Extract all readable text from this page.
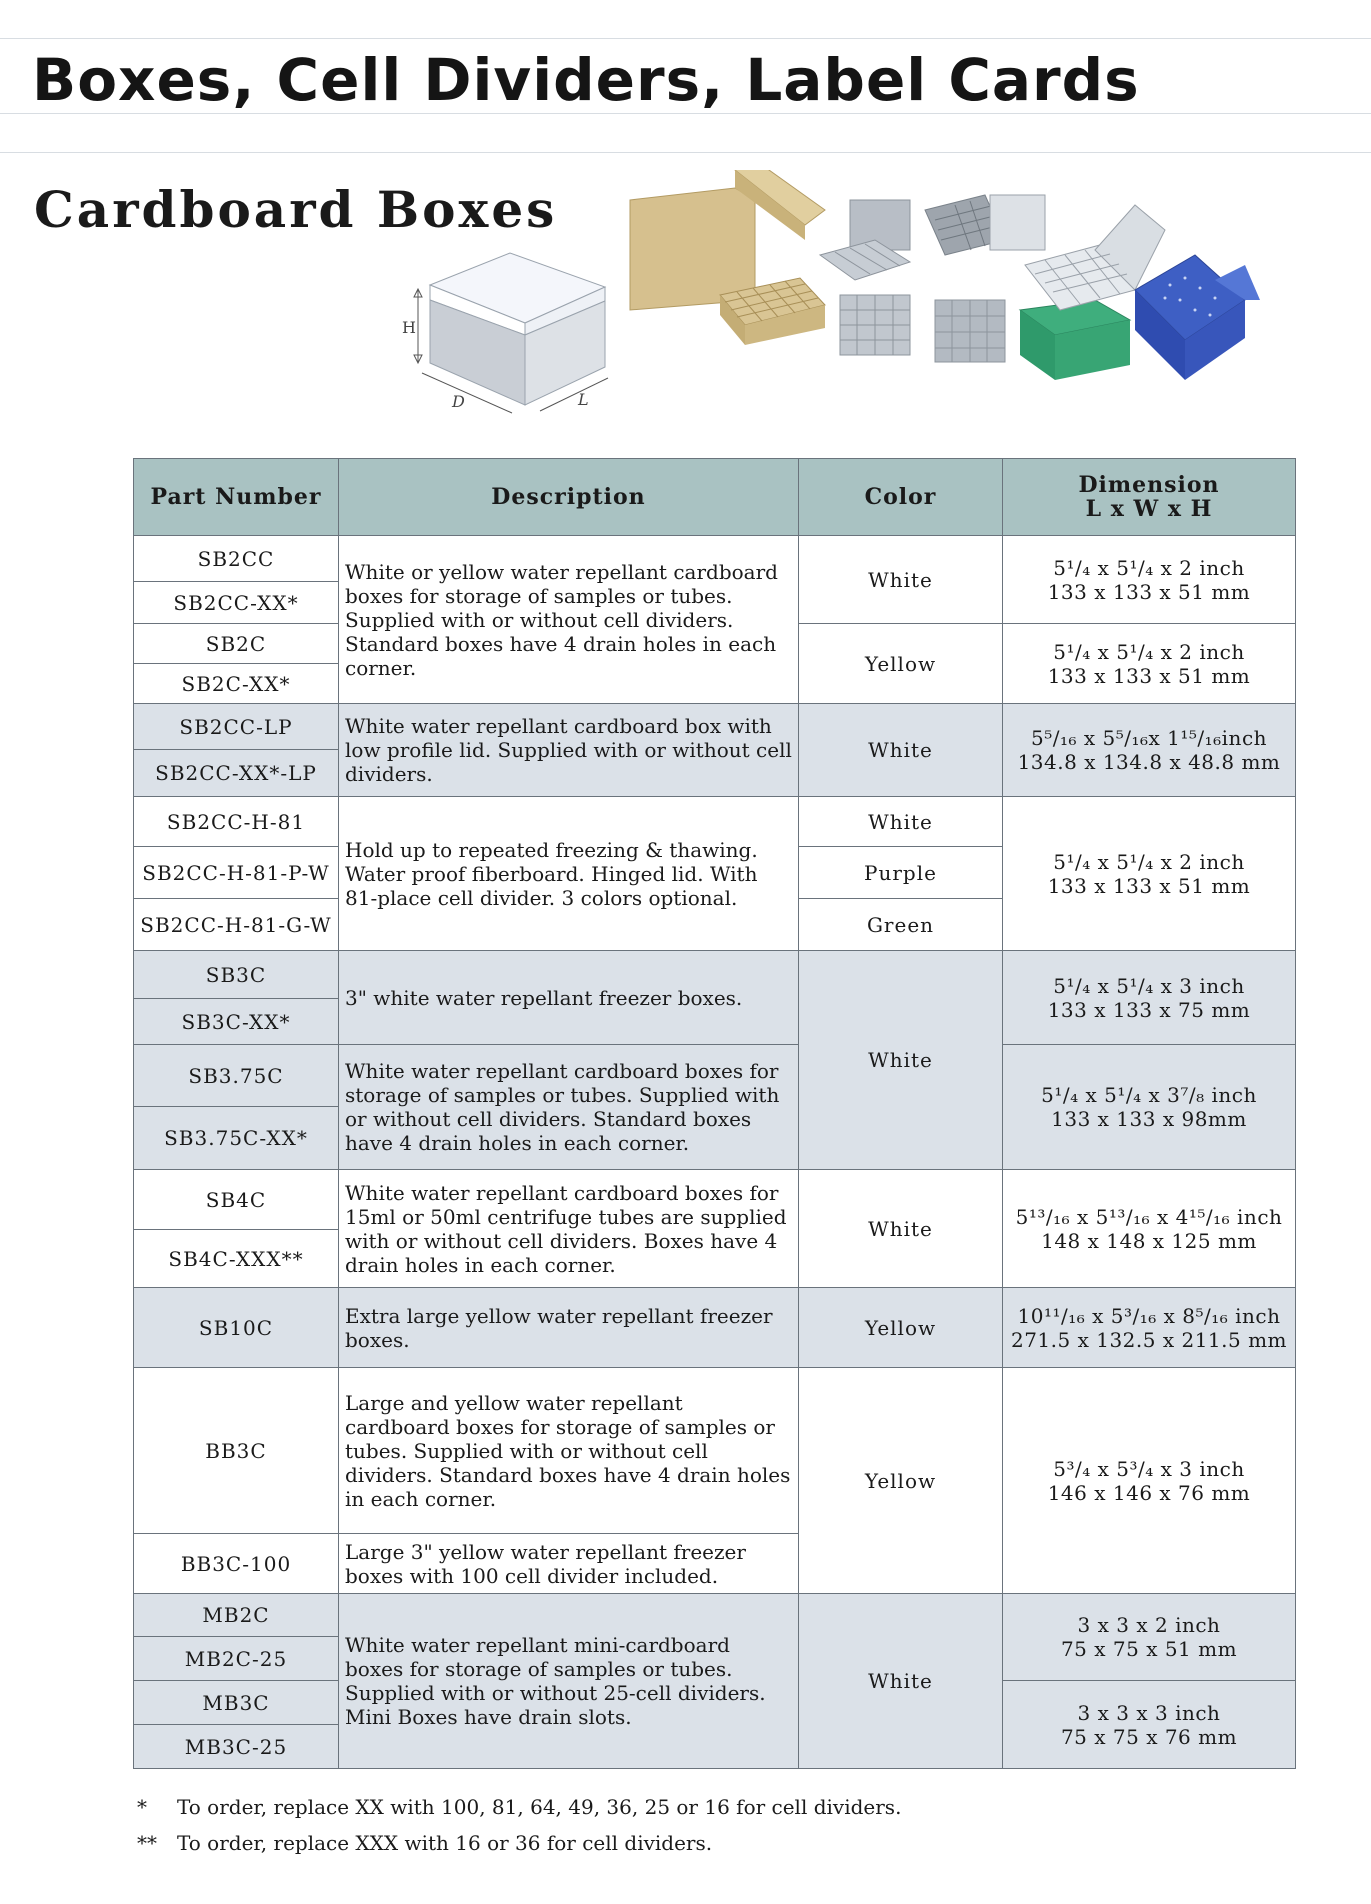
Boxes, Cell Dividers, Label Cards
Cardboard Boxes
H
D	L
Part Number	Description	Color	Dimension
L x W x H
SB2CC	White or yellow water repellant cardboard boxes for storage of samples or tubes. Supplied with or without cell dividers. Standard boxes have 4 drain holes in each corner.	White	5¹/₄ x 5¹/₄ x 2 inch
133 x 133 x 51 mm
SB2CC-XX*			
SB2C		Yellow	5¹/₄ x 5¹/₄ x 2 inch
133 x 133 x 51 mm
SB2C-XX*			
SB2CC-LP	White water repellant cardboard box with low profile lid. Supplied with or without cell dividers.	White	5⁵/₁₆ x 5⁵/₁₆x 1¹⁵/₁₆inch
134.8 x 134.8 x 48.8 mm
SB2CC-XX*-LP			
SB2CC-H-81	Hold up to repeated freezing & thawing. Water proof fiberboard. Hinged lid. With 81-place cell divider. 3 colors optional.	White	5¹/₄ x 5¹/₄ x 2 inch
133 x 133 x 51 mm
SB2CC-H-81-P-W		Purple	
SB2CC-H-81-G-W		Green	
SB3C	3" white water repellant freezer boxes.	White	5¹/₄ x 5¹/₄ x 3 inch
133 x 133 x 75 mm
SB3C-XX*			
SB3.75C	White water repellant cardboard boxes for storage of samples or tubes. Supplied with or without cell dividers. Standard boxes have 4 drain holes in each corner.		5¹/₄ x 5¹/₄ x 3⁷/₈ inch
133 x 133 x 98mm
SB3.75C-XX*			
SB4C	White water repellant cardboard boxes for 15ml or 50ml centrifuge tubes are supplied with or without cell dividers. Boxes have 4 drain holes in each corner.	White	5¹³/₁₆ x 5¹³/₁₆ x 4¹⁵/₁₆ inch
148 x 148 x 125 mm
SB4C-XXX**			
SB10C	Extra large yellow water repellant freezer boxes.	Yellow	10¹¹/₁₆ x 5³/₁₆ x 8⁵/₁₆ inch
271.5 x 132.5 x 211.5 mm
BB3C	Large and yellow water repellant cardboard boxes for storage of samples or tubes. Supplied with or without cell dividers. Standard boxes have 4 drain holes in each corner.	Yellow	5³/₄ x 5³/₄ x 3 inch
146 x 146 x 76 mm
BB3C-100	Large 3" yellow water repellant freezer boxes with 100 cell divider included.		
MB2C	White water repellant mini-cardboard boxes for storage of samples or tubes. Supplied with or without 25-cell dividers. Mini Boxes have drain slots.	White	3 x 3 x 2 inch
75 x 75 x 51 mm
MB2C-25			
MB3C			3 x 3 x 3 inch
75 x 75 x 76 mm
MB3C-25			
* To order, replace XX with 100, 81, 64, 49, 36, 25 or 16 for cell dividers.
** To order, replace XXX with 16 or 36 for cell dividers.
